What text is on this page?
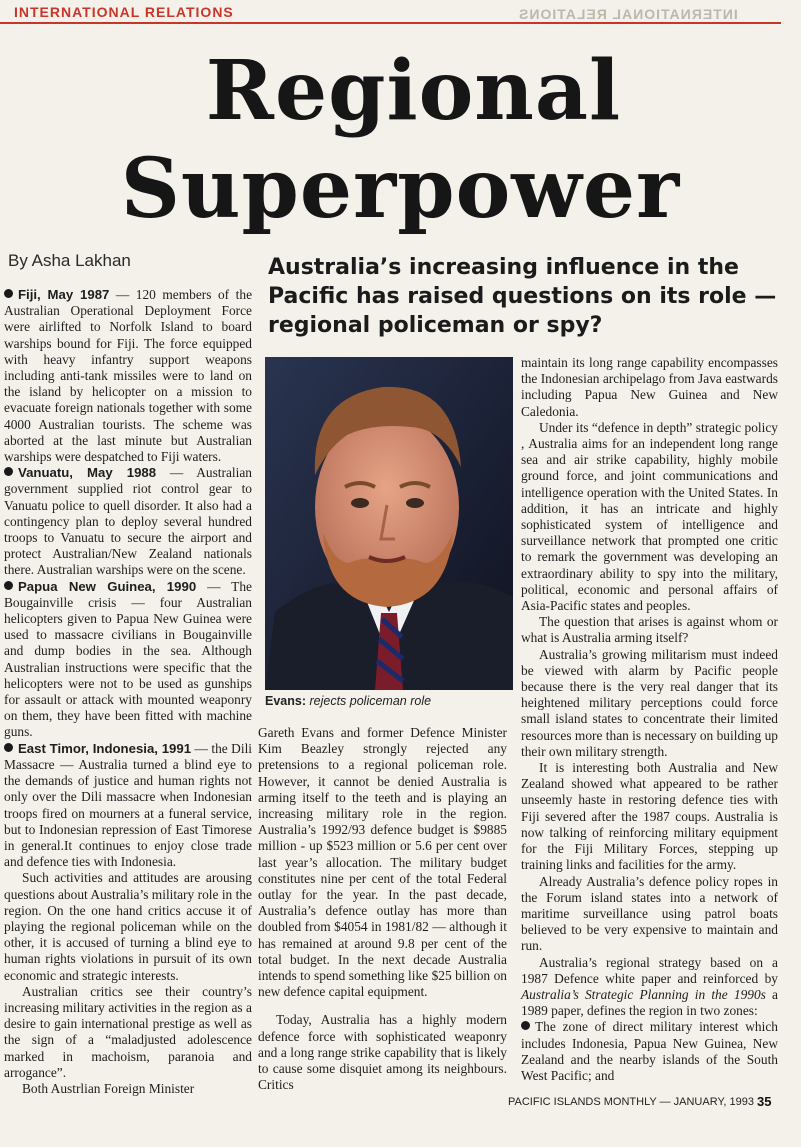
INTERNATIONAL RELATIONS	INTERNATIONAL RELATIONS
Regional
Superpower
By Asha Lakhan	Australia’s increasing influence in the Pacific has raised questions on its role — regional policeman or spy?

Fiji, May 1987 — 120 members of the Australian Operational Deployment Force were airlifted to Norfolk Island to board warships bound for Fiji. The force equipped with heavy infantry support weapons including anti-tank missiles were to land on the island by helicopter on a mission to evacuate foreign nationals together with some 4000 Australian tourists. The scheme was aborted at the last minute but Australian warships were despatched to Fiji waters.

Vanuatu, May 1988 — Australian government supplied riot control gear to Vanuatu police to quell disorder. It also had a contingency plan to deploy several hundred troops to Vanuatu to secure the airport and protect Australian/New Zealand nationals there. Australian warships were on the scene.

Papua New Guinea, 1990 — The Bougainville crisis — four Australian helicopters given to Papua New Guinea were used to massacre civilians in Bougainville and dump bodies in the sea. Although Australian instructions were specific that the helicopters were not to be used as gunships for assault or attack with mounted weaponry on them, they have been fitted with machine guns.

East Timor, Indonesia, 1991 — the Dili Massacre — Australia turned a blind eye to the demands of justice and human rights not only over the Dili massacre when Indonesian troops fired on mourners at a funeral service, but to Indonesian repression of East Timorese in general.It continues to enjoy close trade and defence ties with Indonesia.

Such activities and attitudes are arousing questions about Australia’s military role in the region. On the one hand critics accuse it of playing the regional policeman while on the other, it is accused of turning a blind eye to human rights violations in pursuit of its own economic and strategic interests.

Australian critics see their country’s increasing military activities in the region as a desire to gain international prestige as well as the sign of a “maladjusted adolescence marked in machoism, paranoia and arrogance”.

Both Austrlian Foreign Minister

Evans: rejects policeman role

Gareth Evans and former Defence Minister Kim Beazley strongly rejected any pretensions to a regional policeman role. However, it cannot be denied Australia is arming itself to the teeth and is playing an increasing military role in the region. Australia’s 1992/93 defence budget is $9885 million - up $523 million or 5.6 per cent over last year’s allocation. The military budget constitutes nine per cent of the total Federal outlay for the year. In the past decade, Australia’s defence outlay has more than doubled from $4054 in 1981/82 — although it has remained at around 9.8 per cent of the total budget. In the next decade Australia intends to spend something like $25 billion on new defence capital equipment.

Today, Australia has a highly modern defence force with sophisticated weaponry and a long range strike capability that is likely to cause some disquiet among its neighbours. Critics

maintain its long range capability encompasses the Indonesian archipelago from Java eastwards including Papua New Guinea and New Caledonia.

Under its “defence in depth” strategic policy , Australia aims for an independent long range sea and air strike capability, highly mobile ground force, and joint communications and intelligence operation with the United States. In addition, it has an intricate and highly sophisticated system of intelligence and surveillance network that prompted one critic to remark the government was developing an extraordinary ability to spy into the military, political, economic and personal affairs of Asia-Pacific states and peoples.

The question that arises is against whom or what is Australia arming itself?

Australia’s growing militarism must indeed be viewed with alarm by Pacific people because there is the very real danger that its heightened military perceptions could force small island states to concentrate their limited resources more than is necessary on building up their own military strength.

It is interesting both Australia and New Zealand showed what appeared to be rather unseemly haste in restoring defence ties with Fiji severed after the 1987 coups. Australia is now talking of reinforcing military equipment for the Fiji Military Forces, stepping up training links and facilities for the army.

Already Australia’s defence policy ropes in the Forum island states into a network of maritime surveillance using patrol boats believed to be very expensive to maintain and run.

Australia’s regional strategy based on a 1987 Defence white paper and reinforced by Australia’s Strategic Planning in the 1990s a 1989 paper, defines the region in two zones:

The zone of direct military interest which includes Indonesia, Papua New Guinea, New Zealand and the nearby islands of the South West Pacific; and

PACIFIC ISLANDS MONTHLY — JANUARY, 1993 35
